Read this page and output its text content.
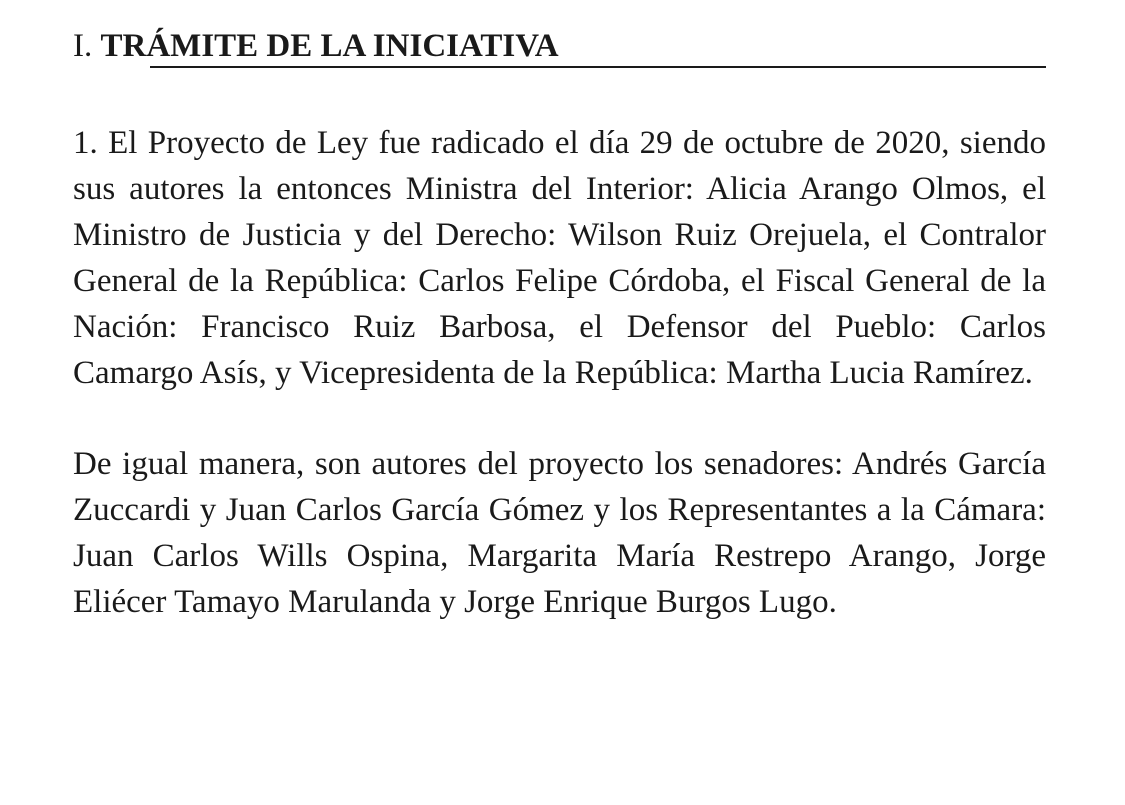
I. TRÁMITE DE LA INICIATIVA

1. El Proyecto de Ley fue radicado el día 29 de octubre de 2020, siendo sus autores la entonces Ministra del Interior: Alicia Arango Olmos, el Ministro de Justicia y del Derecho: Wilson Ruiz Orejuela, el Contralor General de la República: Carlos Felipe Córdoba, el Fiscal General de la Nación: Francisco Ruiz Barbosa, el Defensor del Pueblo: Carlos Camargo Asís, y Vicepresidenta de la República: Martha Lucia Ramírez.

De igual manera, son autores del proyecto los senadores: Andrés García Zuccardi y Juan Carlos García Gómez y los Representantes a la Cámara: Juan Carlos Wills Ospina, Margarita María Restrepo Arango, Jorge Eliécer Tamayo Marulanda y Jorge Enrique Burgos Lugo.
